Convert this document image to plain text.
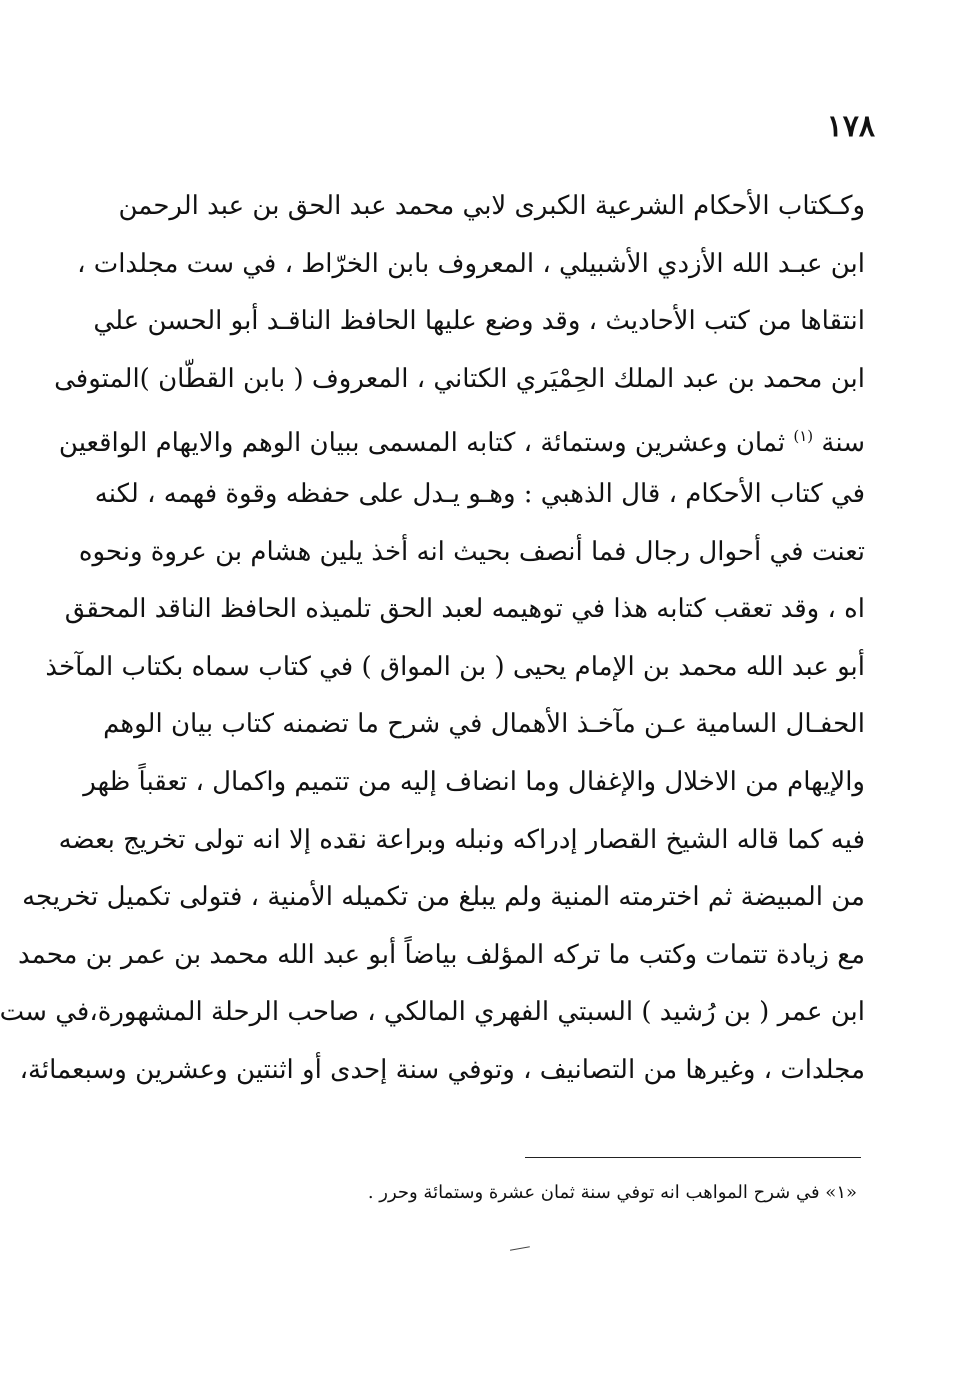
١٧٨
وكـكتاب الأحكام الشرعية الكبرى لابي محمد عبد الحق بن عبد الرحمن
ابن عبـد الله الأزدي الأشبيلي ، المعروف بابن الخرّاط ، في ست مجلدات ،
انتقاها من كتب الأحاديث ، وقد وضع عليها الحافظ الناقـد أبو الحسن علي
ابن محمد بن عبد الملك الحِمْيَري الكتاني ، المعروف ( بابن القطّان )المتوفى
سنة $^{(١)}$ ثمان وعشرين وستمائة ، كتابه المسمى ببيان الوهم والايهام الواقعين
في كتاب الأحكام ، قال الذهبي : وهـو يـدل على حفظه وقوة فهمه ، لكنه
تعنت في أحوال رجال فما أنصف بحيث انه أخذ يلين هشام بن عروة ونحوه
اه ، وقد تعقب كتابه هذا في توهيمه لعبد الحق تلميذه الحافظ الناقد المحقق
أبو عبد الله محمد بن الإمام يحيى ( بن المواق ) في كتاب سماه بكتاب المآخذ
الحفـال السامية عـن مآخـذ الأهمال في شرح ما تضمنه كتاب بيان الوهم
والإيهام من الاخلال والإغفال وما انضاف إليه من تتميم واكمال ، تعقباً ظهر
فيه كما قاله الشيخ القصار إدراكه ونبله وبراعة نقده إلا انه تولى تخريج بعضه
من المبيضة ثم اخترمته المنية ولم يبلغ من تكميله الأمنية ، فتولى تكميل تخريجه
مع زيادة تتمات وكتب ما تركه المؤلف بياضاً أبو عبد الله محمد بن عمر بن محمد
ابن عمر ( بن رُشيد ) السبتي الفهري المالكي ، صاحب الرحلة المشهورة،في ست
مجلدات ، وغيرها من التصانيف ، وتوفي سنة إحدى أو اثنتين وعشرين وسبعمائة،
«١» في شرح المواهب انه توفي سنة ثمان عشرة وستمائة وحرر .
